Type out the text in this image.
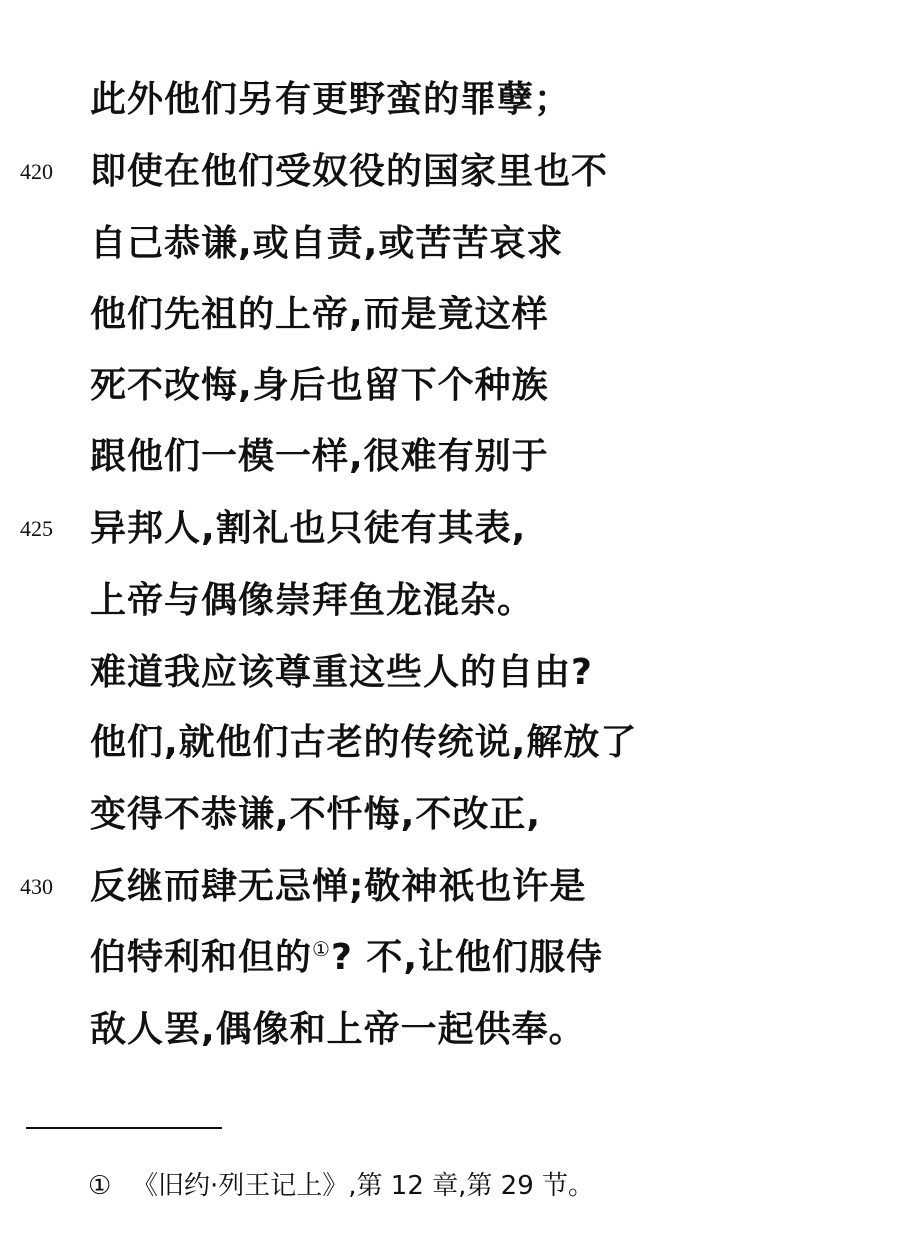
此外他们另有更野蛮的罪孽；
420 即使在他们受奴役的国家里也不
自己恭谦,或自责,或苦苦哀求
他们先祖的上帝,而是竟这样
死不改悔,身后也留下个种族
跟他们一模一样,很难有别于
425 异邦人,割礼也只徒有其表,
上帝与偶像崇拜鱼龙混杂。
难道我应该尊重这些人的自由?
他们,就他们古老的传统说,解放了
变得不恭谦,不忏悔,不改正,
430 反继而肆无忌惮;敬神祇也许是
伯特利和但的①? 不,让他们服侍
敌人罢,偶像和上帝一起供奉。
① 《旧约·列王记上》,第 12 章,第 29 节。
